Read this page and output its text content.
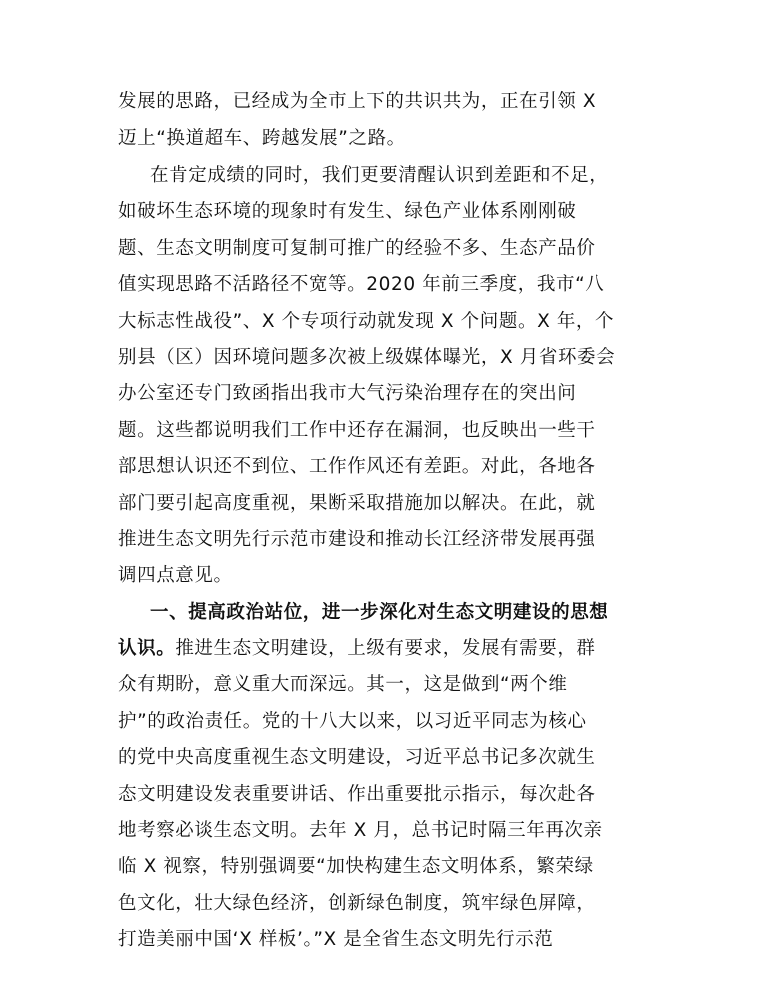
发展的思路，已经成为全市上下的共识共为，正在引领 X
迈上“换道超车、跨越发展”之路。
在肯定成绩的同时，我们更要清醒认识到差距和不足，
如破坏生态环境的现象时有发生、绿色产业体系刚刚破
题、生态文明制度可复制可推广的经验不多、生态产品价
值实现思路不活路径不宽等。2020 年前三季度，我市“八
大标志性战役”、X 个专项行动就发现 X 个问题。X 年，个
别县（区）因环境问题多次被上级媒体曝光，X 月省环委会
办公室还专门致函指出我市大气污染治理存在的突出问
题。这些都说明我们工作中还存在漏洞，也反映出一些干
部思想认识还不到位、工作作风还有差距。对此，各地各
部门要引起高度重视，果断采取措施加以解决。在此，就
推进生态文明先行示范市建设和推动长江经济带发展再强
调四点意见。
一、提高政治站位，进一步深化对生态文明建设的思想
认识。推进生态文明建设，上级有要求，发展有需要，群
众有期盼，意义重大而深远。其一，这是做到“两个维
护”的政治责任。党的十八大以来，以习近平同志为核心
的党中央高度重视生态文明建设，习近平总书记多次就生
态文明建设发表重要讲话、作出重要批示指示，每次赴各
地考察必谈生态文明。去年 X 月，总书记时隔三年再次亲
临 X 视察，特别强调要“加快构建生态文明体系，繁荣绿
色文化，壮大绿色经济，创新绿色制度，筑牢绿色屏障，
打造美丽中国‘X 样板’。”X 是全省生态文明先行示范
